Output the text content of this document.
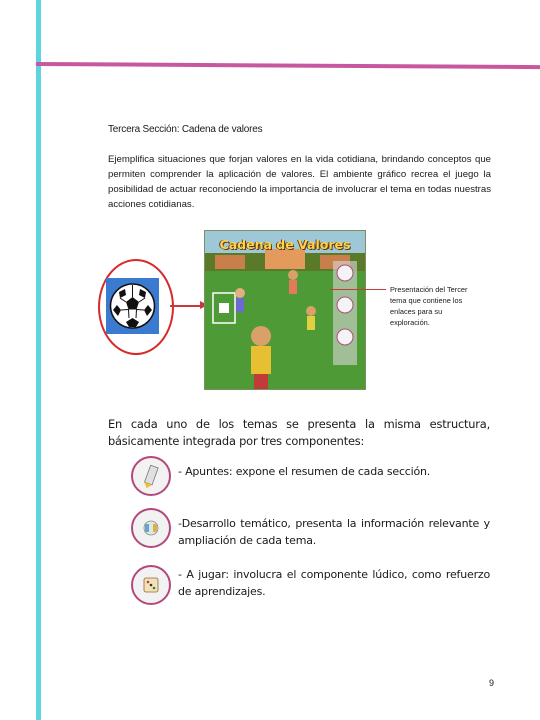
Tercera Sección: Cadena de valores
Ejemplifica situaciones que forjan valores en la vida cotidiana, brindando conceptos que permiten comprender la aplicación de valores. El ambiente gráfico recrea el juego la posibilidad de actuar reconociendo la importancia de involucrar el tema en todas nuestras acciones cotidianas.
Cadena de Valores
Presentación del Tercer tema que contiene los enlaces para su exploración.
En cada uno de los temas se presenta la misma estructura, básicamente integrada por tres componentes:
- Apuntes: expone el resumen de cada sección.
-Desarrollo temático, presenta la información relevante y ampliación de cada tema.
- A jugar: involucra el componente lúdico, como refuerzo de aprendizajes.
9
